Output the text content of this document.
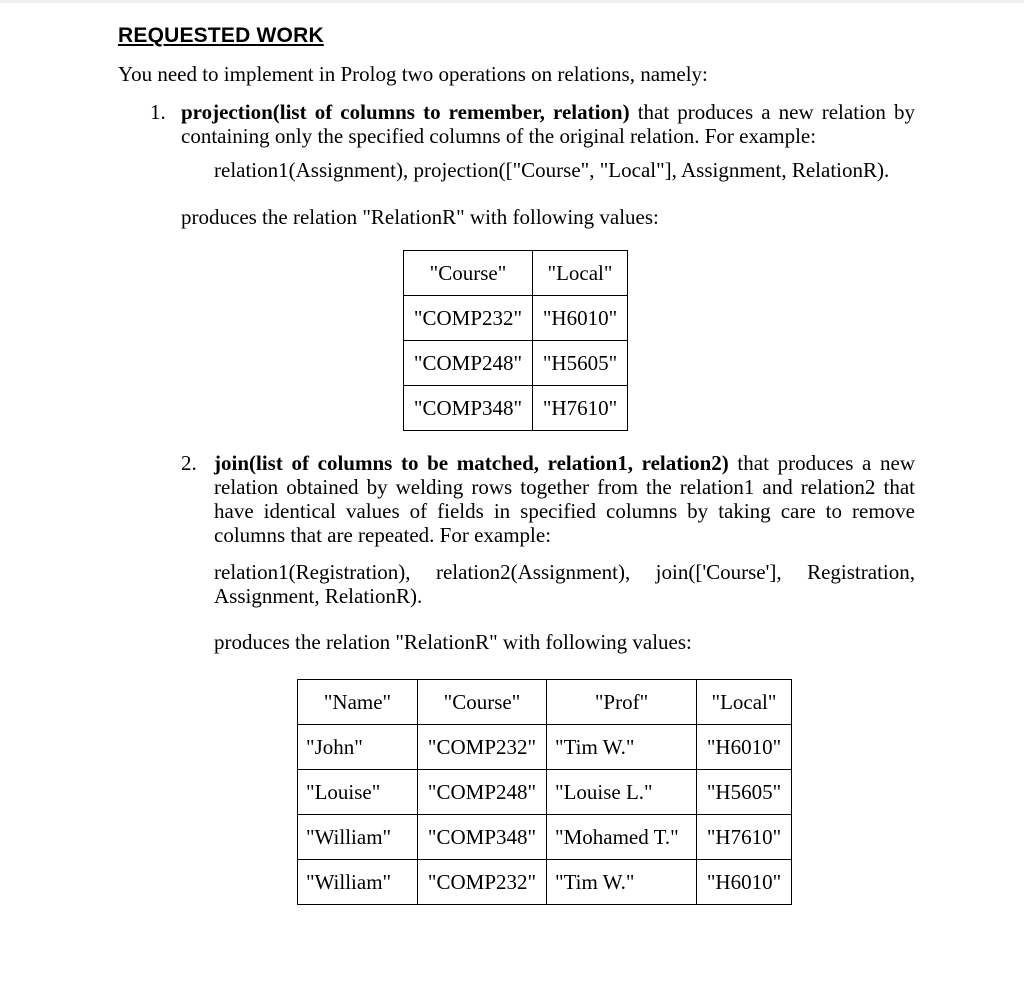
REQUESTED WORK
You need to implement in Prolog two operations on relations, namely:
1. projection(list of columns to remember, relation) that produces a new relation by containing only the specified columns of the original relation. For example:
relation1(Assignment), projection(["Course", "Local"], Assignment, RelationR).
produces the relation "RelationR" with following values:
"Course"	"Local"
"COMP232"	"H6010"
"COMP248"	"H5605"
"COMP348"	"H7610"
2. join(list of columns to be matched, relation1, relation2) that produces a new relation obtained by welding rows together from the relation1 and relation2 that have identical values of fields in specified columns by taking care to remove columns that are repeated. For example:
relation1(Registration), relation2(Assignment), join(['Course'], Registration, Assignment, RelationR).
produces the relation "RelationR" with following values:
"Name"	"Course"	"Prof"	"Local"
"John"	"COMP232"	"Tim W."	"H6010"
"Louise"	"COMP248"	"Louise L."	"H5605"
"William"	"COMP348"	"Mohamed T."	"H7610"
"William"	"COMP232"	"Tim W."	"H6010"
